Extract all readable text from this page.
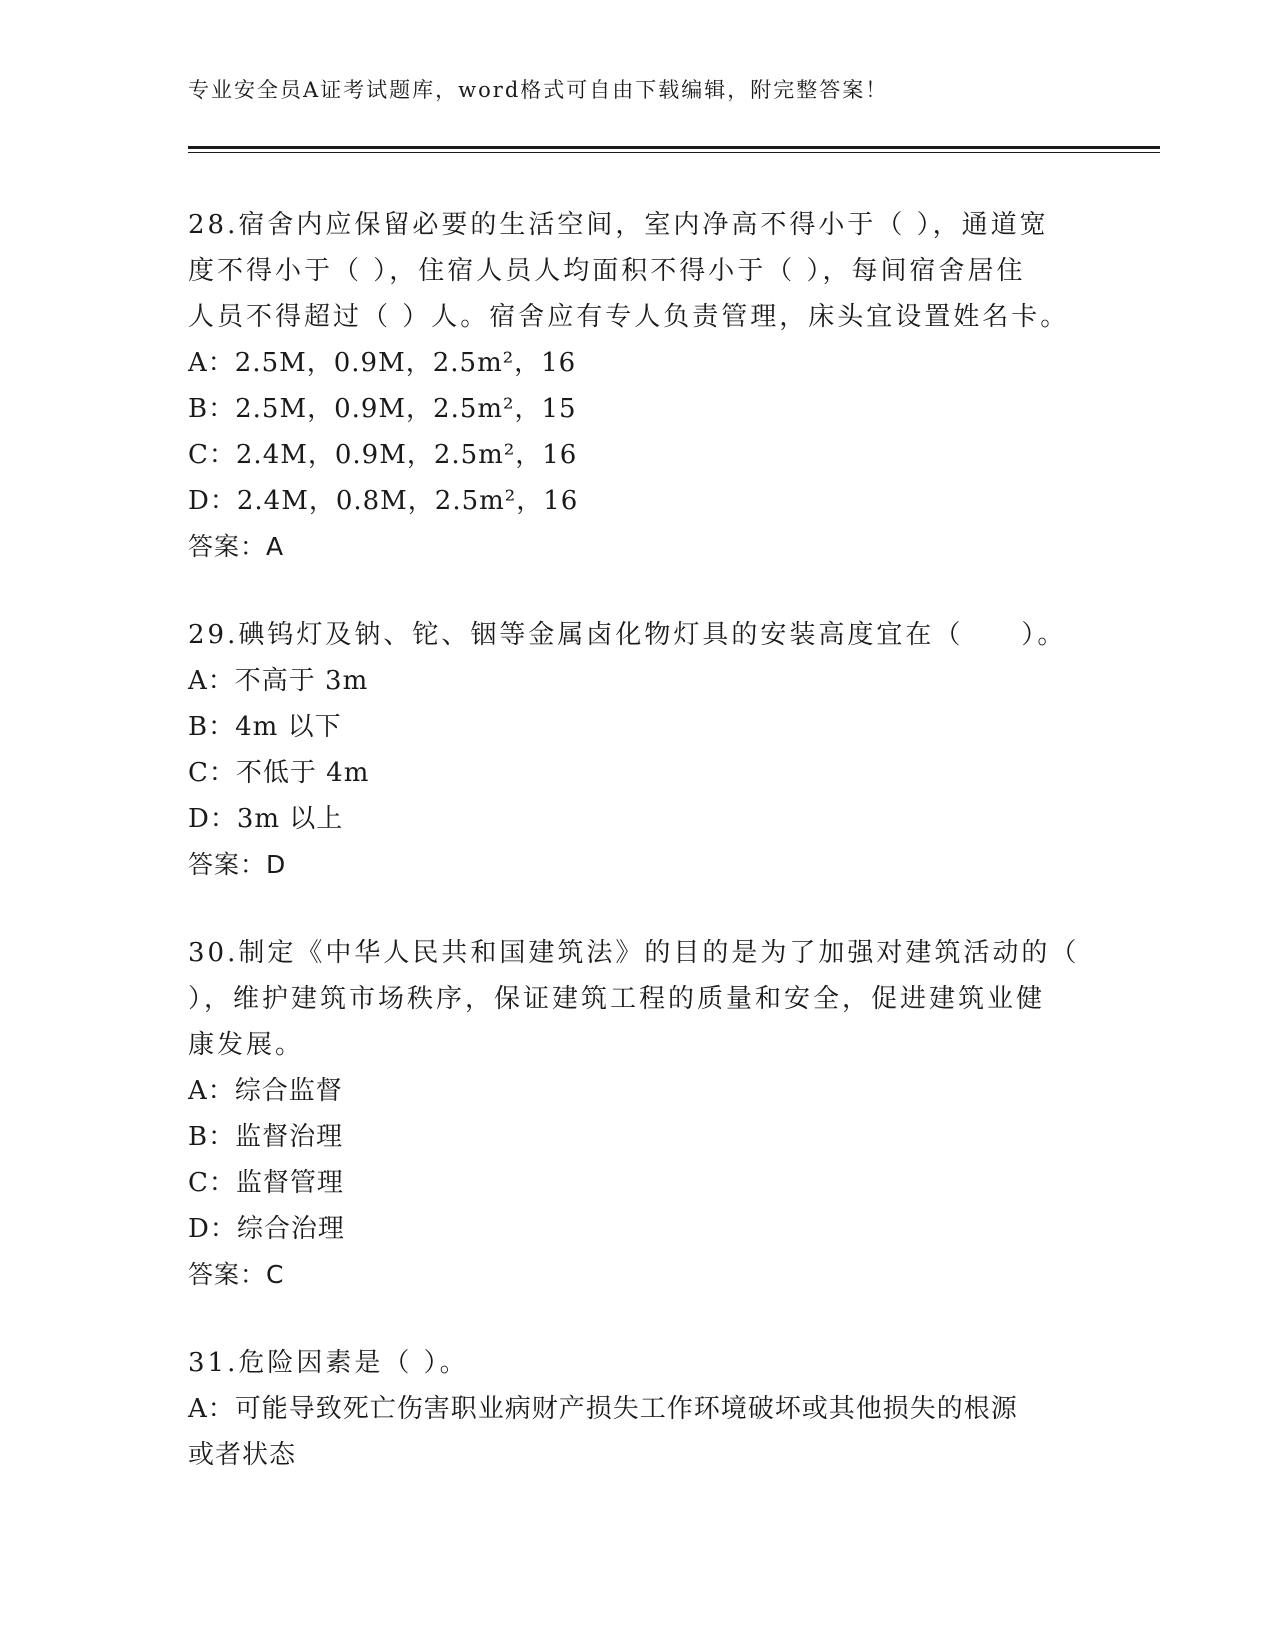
专业安全员A证考试题库，word格式可自由下载编辑，附完整答案！
28.宿舍内应保留必要的生活空间，室内净高不得小于（ ），通道宽
度不得小于（ ），住宿人员人均面积不得小于（ ），每间宿舍居住
人员不得超过（ ）人。宿舍应有专人负责管理，床头宜设置姓名卡。
A：2.5M，0.9M，2.5m²，16
B：2.5M，0.9M，2.5m²，15
C：2.4M，0.9M，2.5m²，16
D：2.4M，0.8M，2.5m²，16
答案：A
29.碘钨灯及钠、铊、铟等金属卤化物灯具的安装高度宜在（　　）。
A：不高于 3m
B：4m 以下
C：不低于 4m
D：3m 以上
答案：D
30.制定《中华人民共和国建筑法》的目的是为了加强对建筑活动的（
），维护建筑市场秩序，保证建筑工程的质量和安全，促进建筑业健
康发展。
A：综合监督
B：监督治理
C：监督管理
D：综合治理
答案：C
31.危险因素是（ ）。
A：可能导致死亡伤害职业病财产损失工作环境破坏或其他损失的根源
或者状态
